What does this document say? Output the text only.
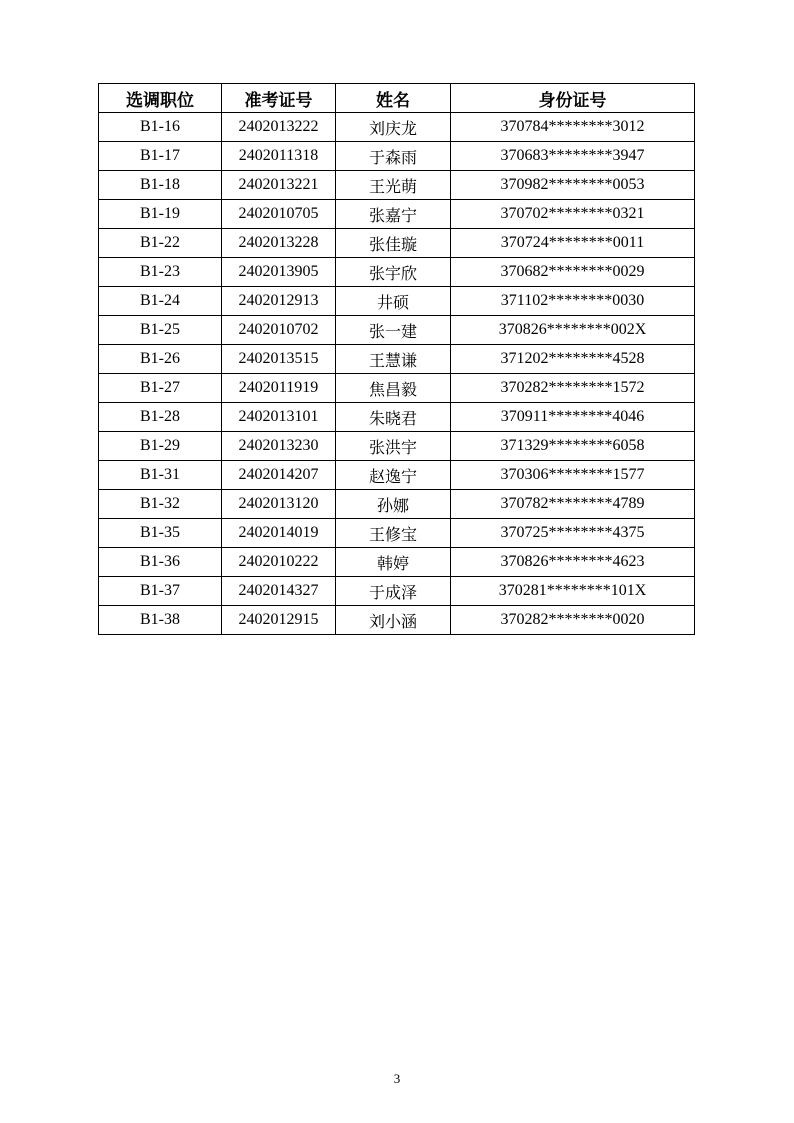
选调职位	准考证号	姓名	身份证号
B1-16	2402013222	刘庆龙	370784********3012
B1-17	2402011318	于森雨	370683********3947
B1-18	2402013221	王光萌	370982********0053
B1-19	2402010705	张嘉宁	370702********0321
B1-22	2402013228	张佳璇	370724********0011
B1-23	2402013905	张宇欣	370682********0029
B1-24	2402012913	井硕	371102********0030
B1-25	2402010702	张一建	370826********002X
B1-26	2402013515	王慧谦	371202********4528
B1-27	2402011919	焦昌毅	370282********1572
B1-28	2402013101	朱晓君	370911********4046
B1-29	2402013230	张洪宇	371329********6058
B1-31	2402014207	赵逸宁	370306********1577
B1-32	2402013120	孙娜	370782********4789
B1-35	2402014019	王修宝	370725********4375
B1-36	2402010222	韩婷	370826********4623
B1-37	2402014327	于成泽	370281********101X
B1-38	2402012915	刘小涵	370282********0020
3
